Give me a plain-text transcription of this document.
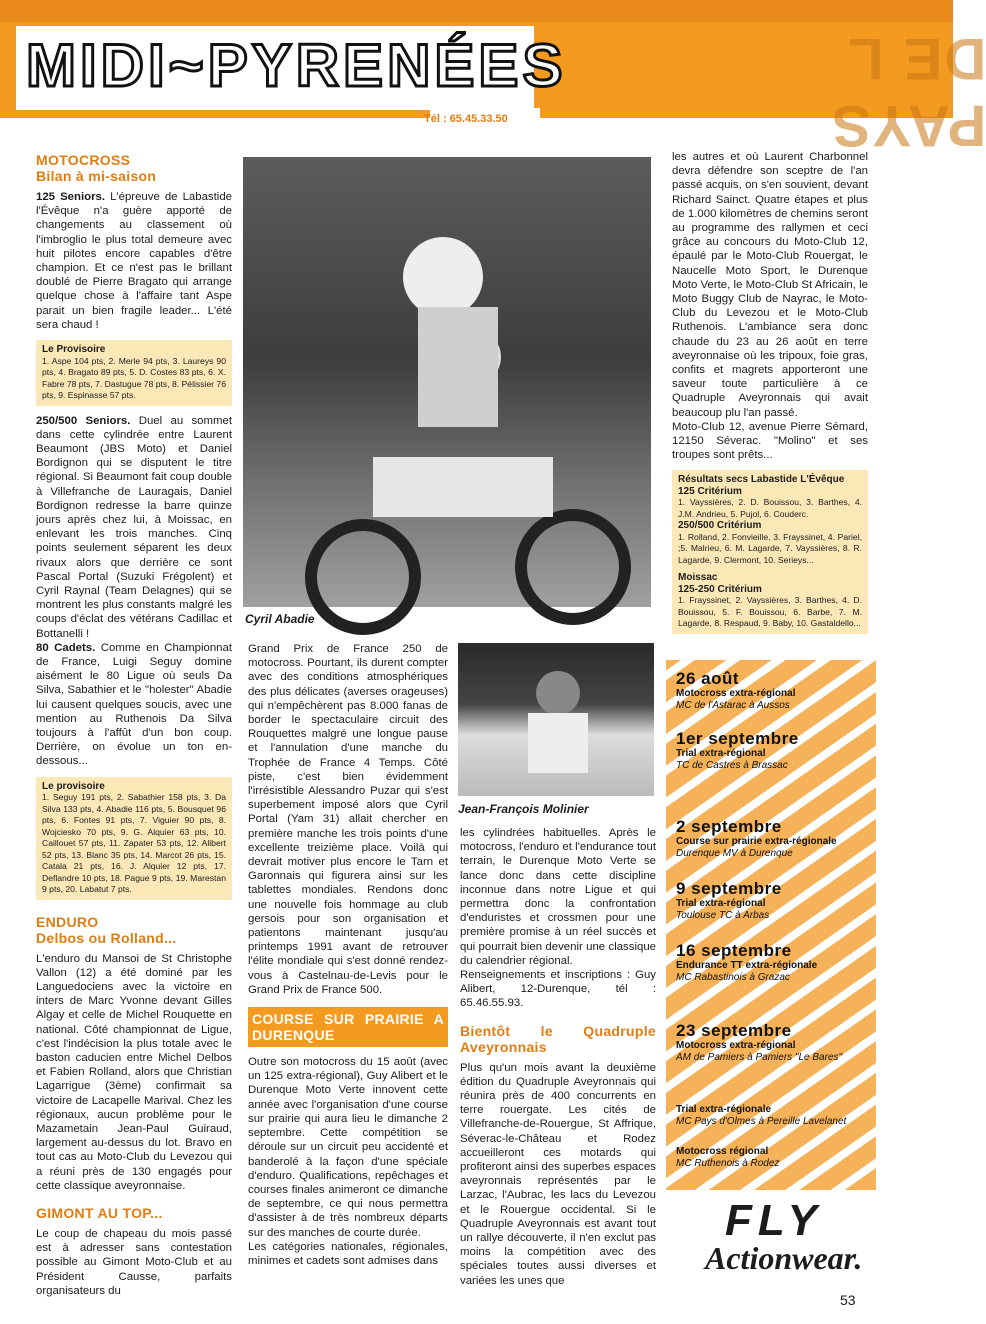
PAYS DE L
MIDI~PYRENÉES
Tél : 65.45.33.50

MOTOCROSS

Bilan à mi-saison

125 Seniors. L'épreuve de Labastide l'Évêque n'a guère apporté de changements au classement où l'imbroglio le plus total demeure avec huit pilotes encore capables d'être champion. Et ce n'est pas le brillant doublé de Pierre Bragato qui arrange quelque chose à l'affaire tant Aspe parait un bien fragile leader... L'été sera chaud !

Le Provisoire
1. Aspe 104 pts, 2. Merle 94 pts, 3. Laureys 90 pts, 4. Bragato 89 pts, 5. D. Costes 83 pts, 6. X. Fabre 78 pts, 7. Dastugue 78 pts, 8. Pélissier 76 pts, 9. Espinasse 57 pts.

250/500 Seniors. Duel au sommet dans cette cylindrée entre Laurent Beaumont (JBS Moto) et Daniel Bordignon qui se disputent le titre régional. Si Beaumont fait coup double à Villefranche de Lauragais, Daniel Bordignon redresse la barre quinze jours après chez lui, à Moissac, en enlevant les trois manches. Cinq points seulement séparent les deux rivaux alors que derrière ce sont Pascal Portal (Suzuki Frégolent) et Cyril Raynal (Team Delagnes) qui se montrent les plus constants malgré les coups d'éclat des vétérans Cadillac et Bottanelli !

80 Cadets. Comme en Championnat de France, Luigi Seguy domine aisément le 80 Ligue où seuls Da Silva, Sabathier et le "holester" Abadie lui causent quelques soucis, avec une mention au Ruthenois Da Silva toujours à l'affût d'un bon coup. Derrière, on évolue un ton en-dessous...

Le provisoire
1. Seguy 191 pts, 2. Sabathier 158 pts, 3. Da Silva 133 pts, 4. Abadie 116 pts, 5. Bousquet 96 pts, 6. Fontes 91 pts, 7. Viguier 90 pts, 8. Wojciesko 70 pts, 9. G. Alquier 63 pts, 10. Caillouet 57 pts, 11. Zapater 53 pts, 12. Alibert 52 pts, 13. Blanc 35 pts, 14. Marcot 26 pts, 15. Catala 21 pts, 16. J. Alquier 12 pts, 17. Deflandre 10 pts, 18. Pague 9 pts, 19. Marestan 9 pts, 20. Labatut 7 pts.

ENDURO

Delbos ou Rolland...

L'enduro du Mansoi de St Christophe Vallon (12) a été dominé par les Languedociens avec la victoire en inters de Marc Yvonne devant Gilles Algay et celle de Michel Rouquette en national. Côté championnat de Ligue, c'est l'indécision la plus totale avec le baston caducien entre Michel Delbos et Fabien Rolland, alors que Christian Lagarrigue (3ème) confirmait sa victoire de Lacapelle Marival. Chez les régionaux, aucun problème pour le Mazametain Jean-Paul Guiraud, largement au-dessus du lot. Bravo en tout cas au Moto-Club du Levezou qui a réuni près de 130 engagés pour cette classique aveyronnaise.

GIMONT AU TOP...

Le coup de chapeau du mois passé est à adresser sans contestation possible au Gimont Moto-Club et au Président Causse, parfaits organisateurs du

Cyril Abadie

Grand Prix de France 250 de motocross. Pourtant, ils durent compter avec des conditions atmosphériques des plus délicates (averses orageuses) qui n'empêchèrent pas 8.000 fanas de border le spectaculaire circuit des Rouquettes malgré une longue pause et l'annulation d'une manche du Trophée de France 4 Temps. Côté piste, c'est bien évidemment l'irrésistible Alessandro Puzar qui s'est superbement imposé alors que Cyril Portal (Yam 31) allait chercher en première manche les trois points d'une excellente treizième place. Voilà qui devrait motiver plus encore le Tarn et Garonnais qui figurera ainsi sur les tablettes mondiales. Rendons donc une nouvelle fois hommage au club gersois pour son organisation et patientons maintenant jusqu'au printemps 1991 avant de retrouver l'élite mondiale qui s'est donné rendez-vous à Castelnau-de-Levis pour le Grand Prix de France 500.

COURSE SUR PRAIRIE A DURENQUE

Outre son motocross du 15 août (avec un 125 extra-régional), Guy Alibert et le Durenque Moto Verte innovent cette année avec l'organisation d'une course sur prairie qui aura lieu le dimanche 2 septembre. Cette compétition se déroule sur un circuit peu accidenté et banderolé à la façon d'une spéciale d'enduro. Qualifications, repêchages et courses finales animeront ce dimanche de septembre, ce qui nous permettra d'assister à de très nombreux départs sur des manches de courte durée.

Les catégories nationales, régionales, minimes et cadets sont admises dans

Jean-François Molinier

les cylindrées habituelles. Après le motocross, l'enduro et l'endurance tout terrain, le Durenque Moto Verte se lance donc dans cette discipline inconnue dans notre Ligue et qui permettra donc la confrontation d'enduristes et crossmen pour une première promise à un réel succès et qui pourrait bien devenir une classique du calendrier régional.

Renseignements et inscriptions : Guy Alibert, 12-Durenque, tél : 65.46.55.93.

Bientôt le Quadruple Aveyronnais

Plus qu'un mois avant la deuxième édition du Quadruple Aveyronnais qui réunira près de 400 concurrents en terre rouergate. Les cités de Villefranche-de-Rouergue, St Affrique, Séverac-le-Château et Rodez accueilleront ces motards qui profiteront ainsi des superbes espaces aveyronnais représentés par le Larzac, l'Aubrac, les lacs du Levezou et le Rouergue occidental. Si le Quadruple Aveyronnais est avant tout un rallye découverte, il n'en exclut pas moins la compétition avec des spéciales toutes aussi diverses et variées les unes que

les autres et où Laurent Charbonnel devra défendre son sceptre de l'an passé acquis, on s'en souvient, devant Richard Sainct. Quatre étapes et plus de 1.000 kilomètres de chemins seront au programme des rallymen et ceci grâce au concours du Moto-Club 12, épaulé par le Moto-Club Rouergat, le Naucelle Moto Sport, le Durenque Moto Verte, le Moto-Club St Africain, le Moto Buggy Club de Nayrac, le Moto-Club du Levezou et le Moto-Club Ruthenois. L'ambiance sera donc chaude du 23 au 26 août en terre aveyronnaise où les tripoux, foie gras, confits et magrets apporteront une saveur toute particulière à ce Quadruple Aveyronnais qui avait beaucoup plu l'an passé.

Moto-Club 12, avenue Pierre Sémard, 12150 Séverac. "Molino" et ses troupes sont prêts...

Résultats secs Labastide L'Évêque
125 Critérium
1. Vayssières, 2. D. Bouissou, 3. Barthes, 4. J.M. Andrieu, 5. Pujol, 6. Couderc.
250/500 Critérium
1. Rolland, 2. Fonvieille, 3. Frayssinet, 4. Pariel, ;5. Malrieu, 6. M. Lagarde, 7. Vayssières, 8. R. Lagarde, 9. Clermont, 10. Serieys...
Moissac
125-250 Critérium
1. Frayssinet, 2. Vayssières, 3. Barthes, 4. D. Bouissou, 5. F. Bouissou, 6. Barbe, 7. M. Lagarde, 8. Respaud, 9. Baby, 10. Gastaldello...
26 août
Motocross extra-régional
MC de l'Astarac à Aussos
1er septembre
Trial extra-régional
TC de Castres à Brassac
2 septembre
Course sur prairie extra-régionale
Durenque MV à Durenque
9 septembre
Trial extra-régional
Toulouse TC à Arbas
16 septembre
Endurance TT extra-régionale
MC Rabastinois à Grazac
23 septembre
Motocross extra-régional
AM de Pamiers à Pamiers "Le Bares"
Trial extra-régionale
MC Pays d'Olmes à Pereille Lavelanet
Motocross régional
MC Ruthenois à Rodez
FLY
Actionwear.
53
